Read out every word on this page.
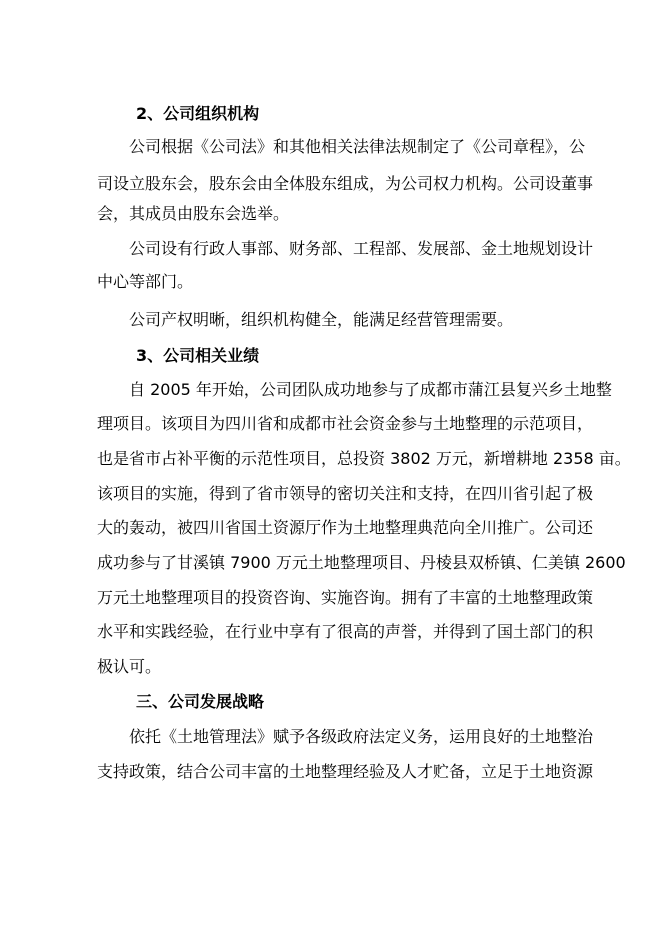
2、公司组织机构
公司根据《公司法》和其他相关法律法规制定了《公司章程》，公
司设立股东会，股东会由全体股东组成，为公司权力机构。公司设董事
会，其成员由股东会选举。
公司设有行政人事部、财务部、工程部、发展部、金土地规划设计
中心等部门。
公司产权明晰，组织机构健全，能满足经营管理需要。
3、公司相关业绩
自 2005 年开始，公司团队成功地参与了成都市蒲江县复兴乡土地整
理项目。该项目为四川省和成都市社会资金参与土地整理的示范项目，
也是省市占补平衡的示范性项目，总投资 3802 万元，新增耕地 2358 亩。
该项目的实施，得到了省市领导的密切关注和支持，在四川省引起了极
大的轰动，被四川省国土资源厅作为土地整理典范向全川推广。公司还
成功参与了甘溪镇 7900 万元土地整理项目、丹棱县双桥镇、仁美镇 2600
万元土地整理项目的投资咨询、实施咨询。拥有了丰富的土地整理政策
水平和实践经验，在行业中享有了很高的声誉，并得到了国土部门的积
极认可。
三、公司发展战略
依托《土地管理法》赋予各级政府法定义务，运用良好的土地整治
支持政策，结合公司丰富的土地整理经验及人才贮备，立足于土地资源
